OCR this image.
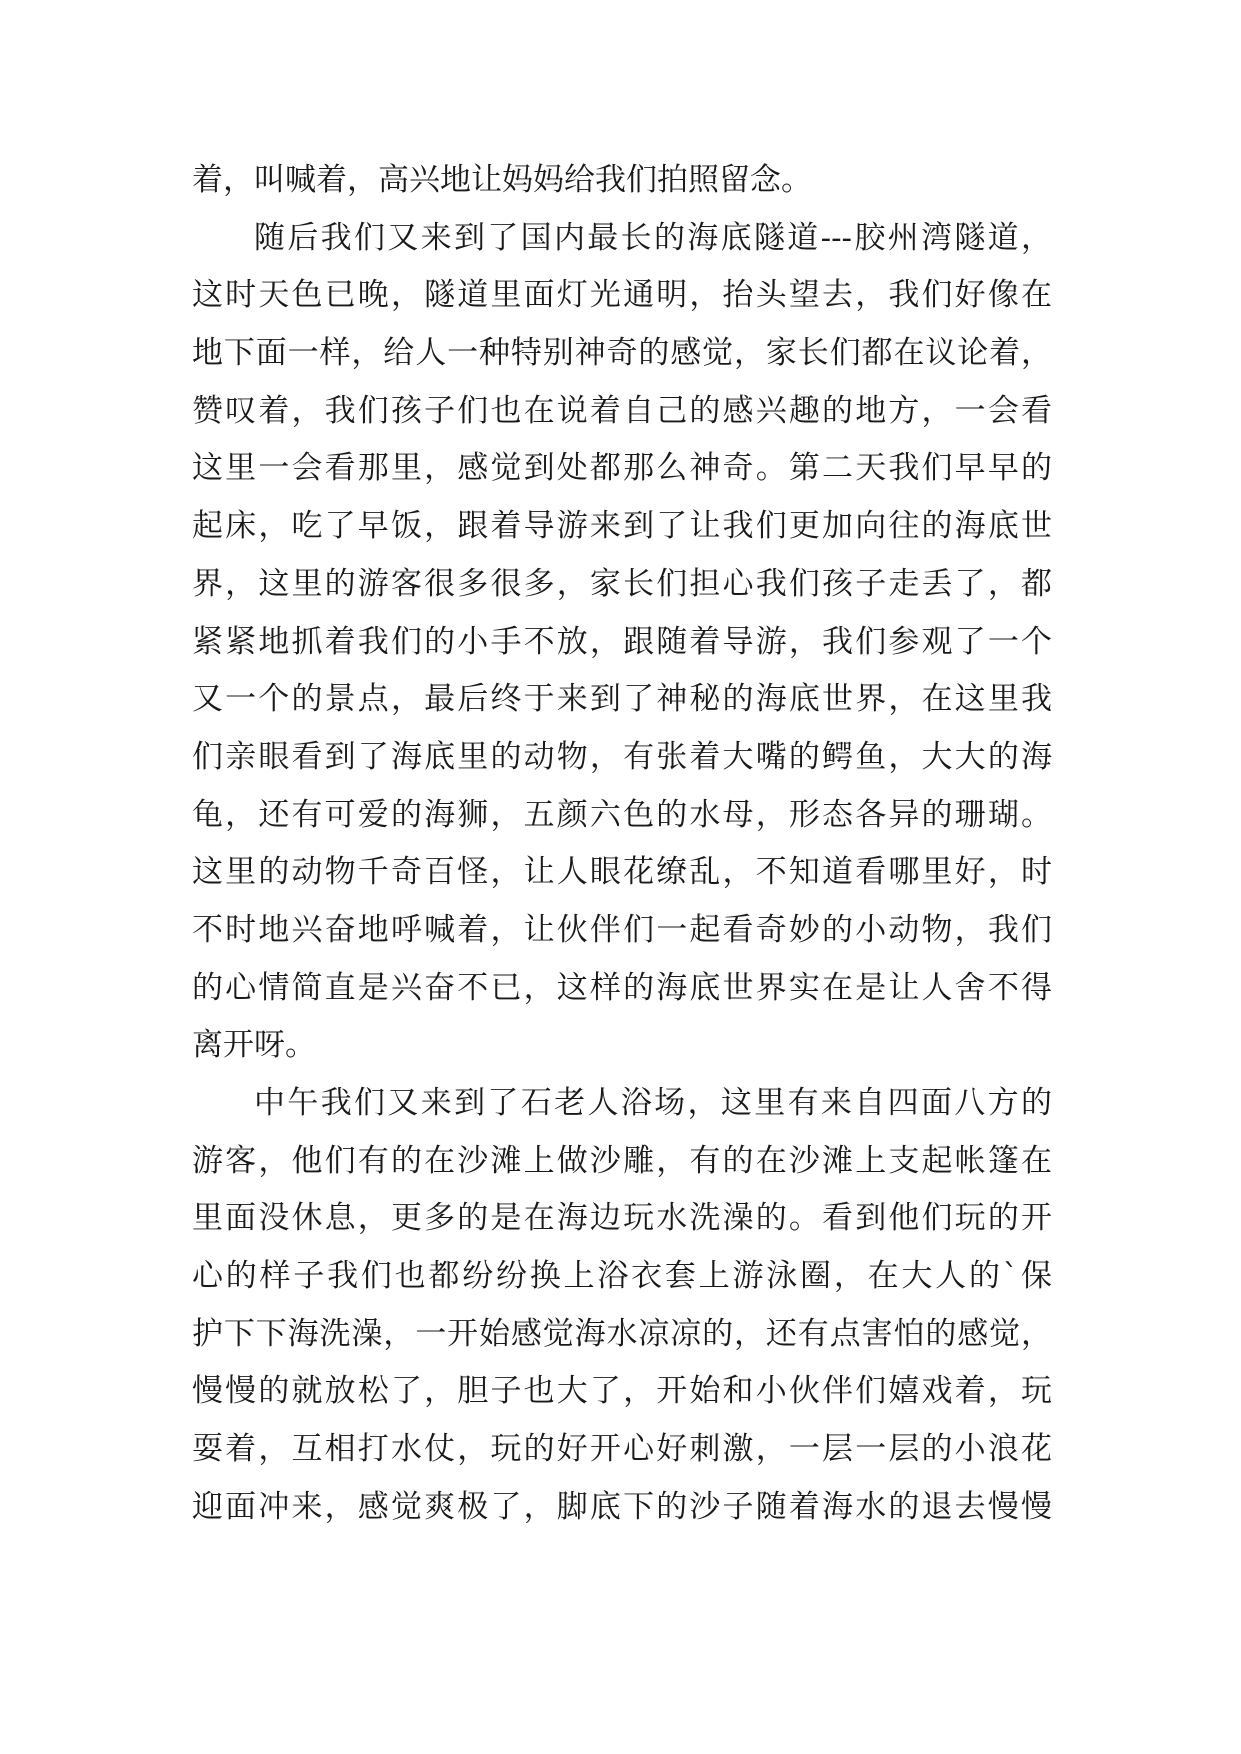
着，叫喊着，高兴地让妈妈给我们拍照留念。
随后我们又来到了国内最长的海底隧道---胶州湾隧道，
这时天色已晚，隧道里面灯光通明，抬头望去，我们好像在
地下面一样，给人一种特别神奇的感觉，家长们都在议论着，
赞叹着，我们孩子们也在说着自己的感兴趣的地方，一会看
这里一会看那里，感觉到处都那么神奇。第二天我们早早的
起床，吃了早饭，跟着导游来到了让我们更加向往的海底世
界，这里的游客很多很多，家长们担心我们孩子走丢了，都
紧紧地抓着我们的小手不放，跟随着导游，我们参观了一个
又一个的景点，最后终于来到了神秘的海底世界，在这里我
们亲眼看到了海底里的动物，有张着大嘴的鳄鱼，大大的海
龟，还有可爱的海狮，五颜六色的水母，形态各异的珊瑚。
这里的动物千奇百怪，让人眼花缭乱，不知道看哪里好，时
不时地兴奋地呼喊着，让伙伴们一起看奇妙的小动物，我们
的心情简直是兴奋不已，这样的海底世界实在是让人舍不得
离开呀。
中午我们又来到了石老人浴场，这里有来自四面八方的
游客，他们有的在沙滩上做沙雕，有的在沙滩上支起帐篷在
里面没休息，更多的是在海边玩水洗澡的。看到他们玩的开
心的样子我们也都纷纷换上浴衣套上游泳圈，在大人的`保
护下下海洗澡，一开始感觉海水凉凉的，还有点害怕的感觉，
慢慢的就放松了，胆子也大了，开始和小伙伴们嬉戏着，玩
耍着，互相打水仗，玩的好开心好刺激，一层一层的小浪花
迎面冲来，感觉爽极了，脚底下的沙子随着海水的退去慢慢
